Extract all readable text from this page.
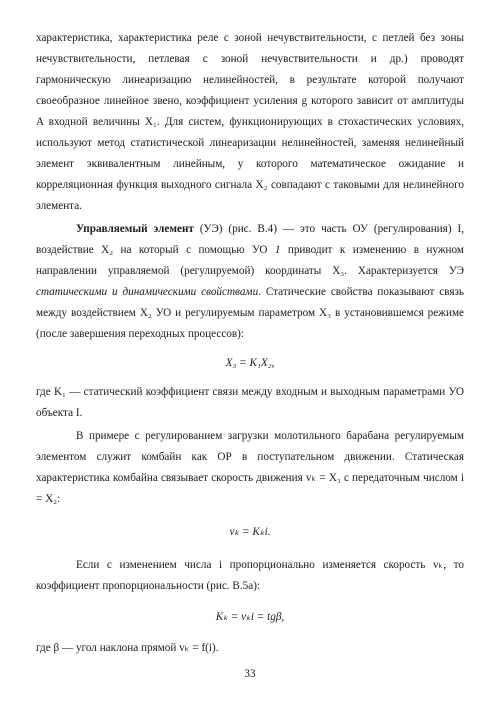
характеристика, характеристика реле с зоной нечувствительности, с петлей без зоны нечувствительности, петлевая с зоной нечувствительности и др.) проводят гармоническую линеаризацию нелинейностей, в результате которой получают своеобразное линейное звено, коэффициент усиления g которого зависит от амплитуды A входной величины X₁. Для систем, функционирующих в стохастических условиях, используют метод статистической линеаризации нелинейностей, заменяя нелинейный элемент эквивалентным линейным, у которого математическое ожидание и корреляционная функция выходного сигнала X₂ совпадают с таковыми для нелинейного элемента.

Управляемый элемент (УЭ) (рис. В.4) — это часть ОУ (регулирования) I, воздействие X₂ на который с помощью УО 1 приводит к изменению в нужном направлении управляемой (регулируемой) координаты X₃. Характеризуется УЭ статическими и динамическими свойствами. Статические свойства показывают связь между воздействием X₂ УО и регулируемым параметром X₃ в установившемся режиме (после завершения переходных процессов):

X₃ = K₁X₂,

где K₁ — статический коэффициент связи между входным и выходным параметрами УО объекта I.

В примере с регулированием загрузки молотильного барабана регулируемым элементом служит комбайн как ОР в поступательном движении. Статическая характеристика комбайна связывает скорость движения vₖ = X₃ с передаточным числом i = X₂:

vₖ = Kₖi.

Если с изменением числа i пропорционально изменяется скорость vₖ, то коэффициент пропорциональности (рис. В.5а):

Kₖ = vₖi = tgβ,

где β — угол наклона прямой vₖ = f(i).

33
